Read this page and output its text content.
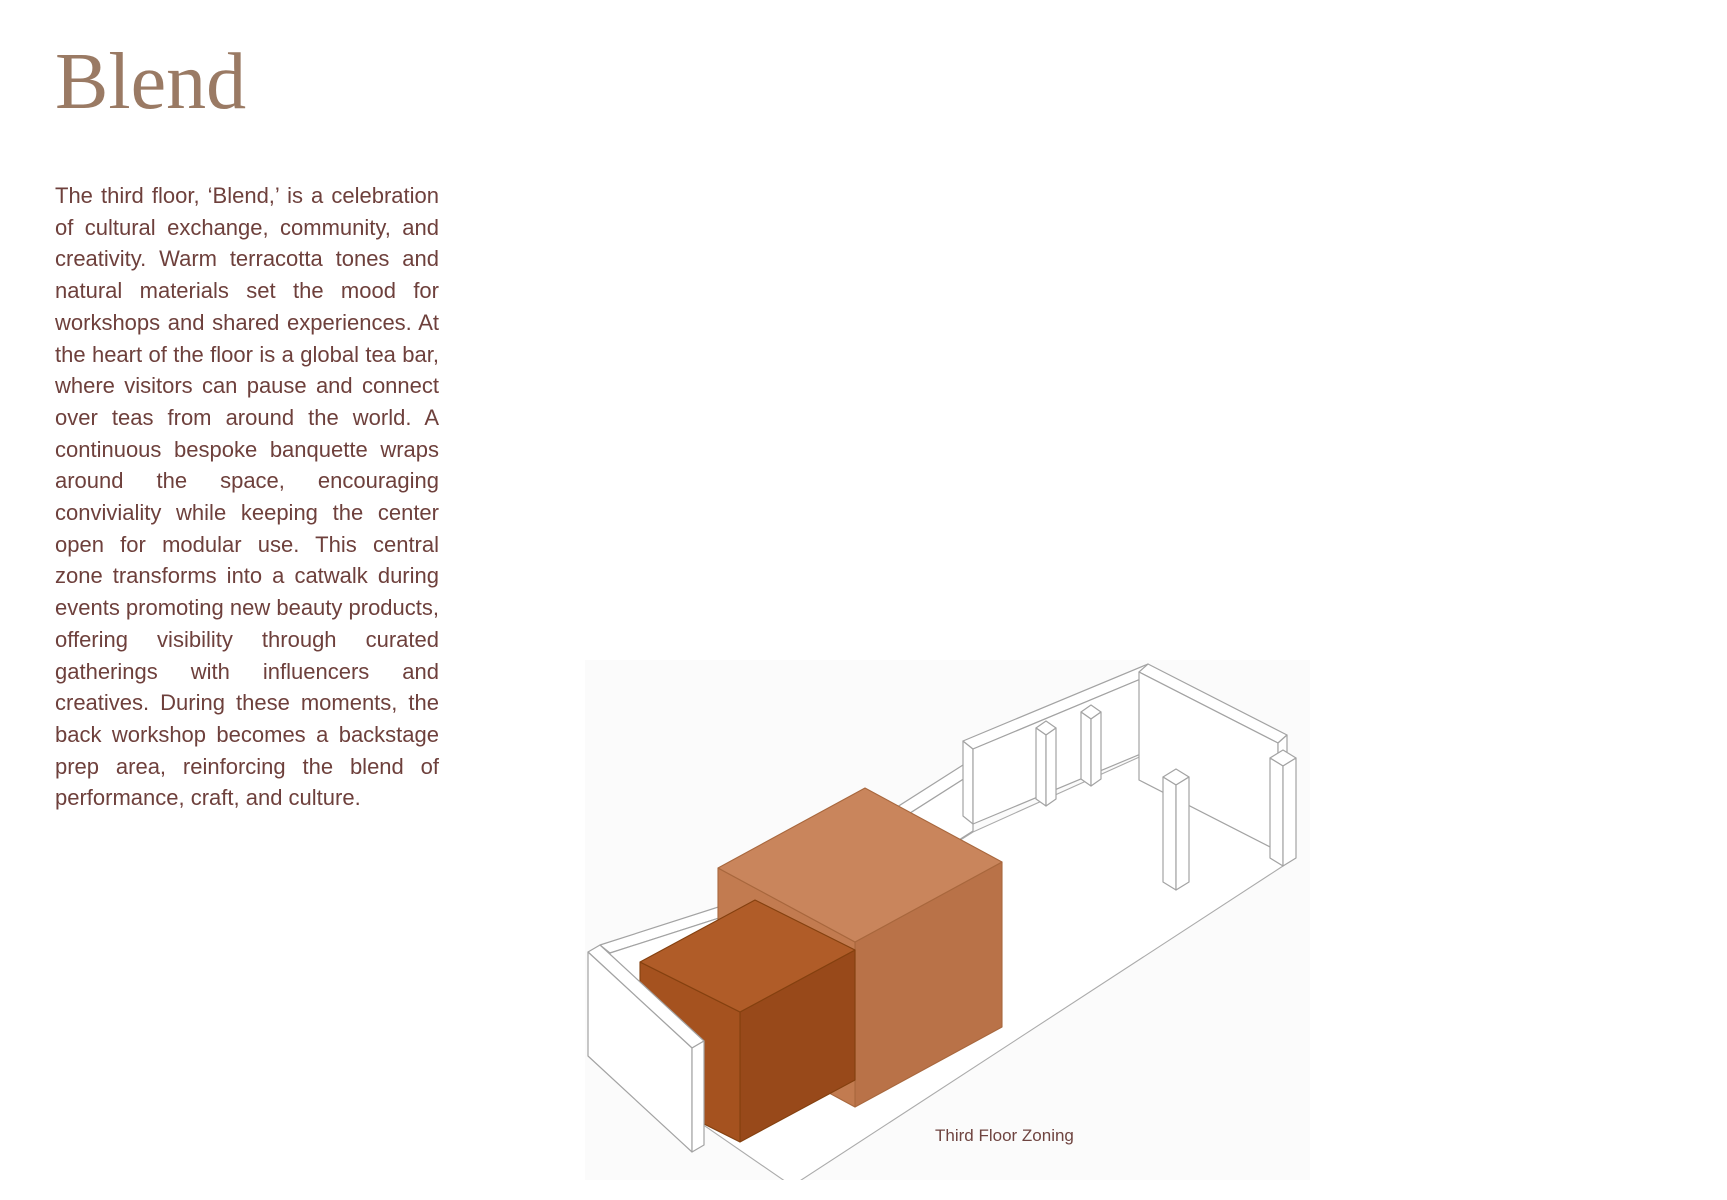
Blend

The third floor, ‘Blend,’ is a celebration of cultural exchange, community, and creativity. Warm terracotta tones and natural materials set the mood for workshops and shared experiences. At the heart of the floor is a global tea bar, where visitors can pause and connect over teas from around the world. A continuous bespoke banquette wraps around the space, encouraging conviviality while keeping the center open for modular use. This central zone transforms into a catwalk during events promoting new beauty products, offering visibility through curated gatherings with influencers and creatives. During these moments, the back workshop becomes a backstage prep area, reinforcing the blend of performance, craft, and culture.

Third Floor Zoning
